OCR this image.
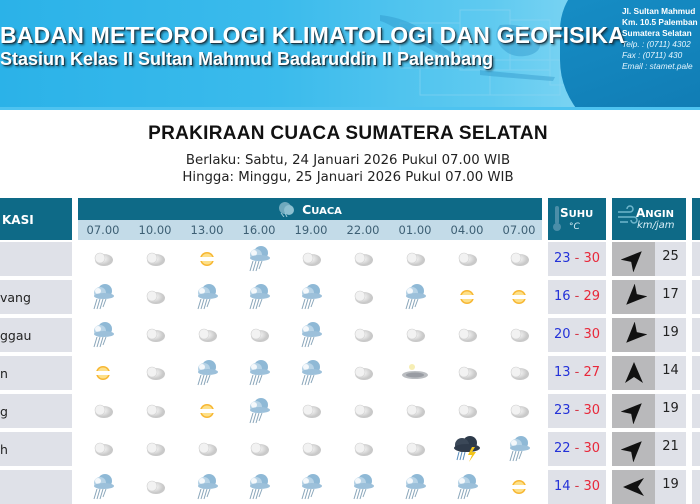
BADAN METEOROLOGI KLIMATOLOGI DAN GEOFISIKA
Stasiun Kelas II Sultan Mahmud Badaruddin II Palembang
Jl. Sultan Mahmud
Km. 10.5 Palemban
Sumatera Selatan
Telp. : (0711) 4302
Fax : (0711) 430
Email : stamet.pale
PRAKIRAAN CUACA SUMATERA SELATAN
Berlaku: Sabtu, 24 Januari 2026 Pukul 07.00 WIB
Hingga: Minggu, 25 Januari 2026 Pukul 07.00 WIB
KASI
CUACA
07.00	10.00	13.00	16.00	19.00	22.00	01.00	04.00	07.00
SUHU
°C
ANGIN
km/jam
23 - 30	25
vang	16 - 29	17
ggau	20 - 30	19
n	13 - 27	14
g	23 - 30	19
h	22 - 30	21
14 - 30	19
